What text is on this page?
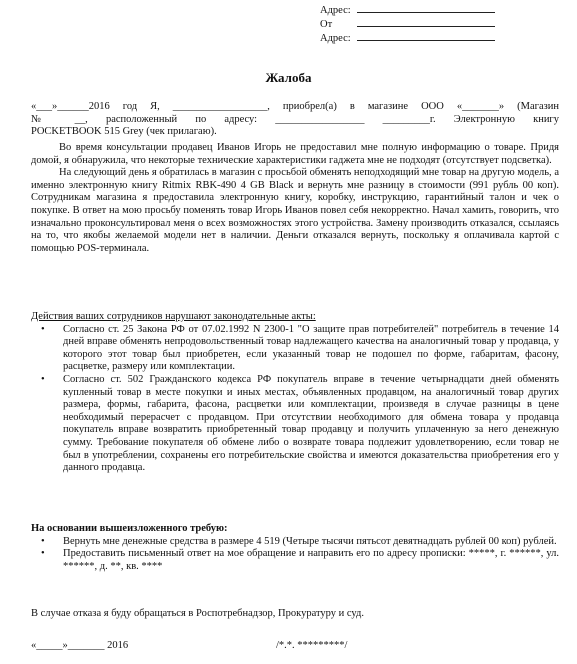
Адрес:
От
Адрес:
Жалоба
«___»______2016 год Я, __________________, приобрел(а) в магазине ООО «_______» (Магазин
№ __, расположенный по адресу: _________________ _________г. Электронную книгу
POCKETBOOK 515 Grey (чек прилагаю).

Во время консультации продавец Иванов Игорь не предоставил мне полную информацию о товаре. Придя домой, я обнаружила, что некоторые технические характеристики гаджета мне не подходят (отсутствует подсветка).

На следующий день я обратилась в магазин с просьбой обменять неподходящий мне товар на другую модель, а именно электронную книгу Ritmix RBK-490 4 GB Black и вернуть мне разницу в стоимости (991 рубль 00 коп). Сотрудникам магазина я предоставила электронную книгу, коробку, инструкцию, гарантийный талон и чек о покупке. В ответ на мою просьбу поменять товар Игорь Иванов повел себя некорректно. Начал хамить, говорить, что изначально проконсультировал меня о всех возможностях этого устройства. Замену производить отказался, ссылаясь на то, что якобы желаемой модели нет в наличии. Деньги отказался вернуть, поскольку я оплачивала картой с помощью POS-терминала.

Действия ваших сотрудников нарушают законодательные акты:
• Согласно ст. 25 Закона РФ от 07.02.1992 N 2300-1 "О защите прав потребителей" потребитель в течение 14 дней вправе обменять непродовольственный товар надлежащего качества на аналогичный товар у продавца, у которого этот товар был приобретен, если указанный товар не подошел по форме, габаритам, фасону, расцветке, размеру или комплектации.
• Согласно ст. 502 Гражданского кодекса РФ покупатель вправе в течение четырнадцати дней обменять купленный товар в месте покупки и иных местах, объявленных продавцом, на аналогичный товар других размера, формы, габарита, фасона, расцветки или комплектации, произведя в случае разницы в цене необходимый перерасчет с продавцом. При отсутствии необходимого для обмена товара у продавца покупатель вправе возвратить приобретенный товар продавцу и получить уплаченную за него денежную сумму. Требование покупателя об обмене либо о возврате товара подлежит удовлетворению, если товар не был в употреблении, сохранены его потребительские свойства и имеются доказательства приобретения его у данного продавца.
На основании вышеизложенного требую:
• Вернуть мне денежные средства в размере 4 519 (Четыре тысячи пятьсот девятнадцать рублей 00 коп) рублей.
• Предоставить письменный ответ на мое обращение и направить его по адресу прописки: *****, г. ******, ул. ******, д. **, кв. ****
В случае отказа я буду обращаться в Роспотребнадзор, Прокуратуру и суд.
«_____»_______ 2016	/*.*. *********/
